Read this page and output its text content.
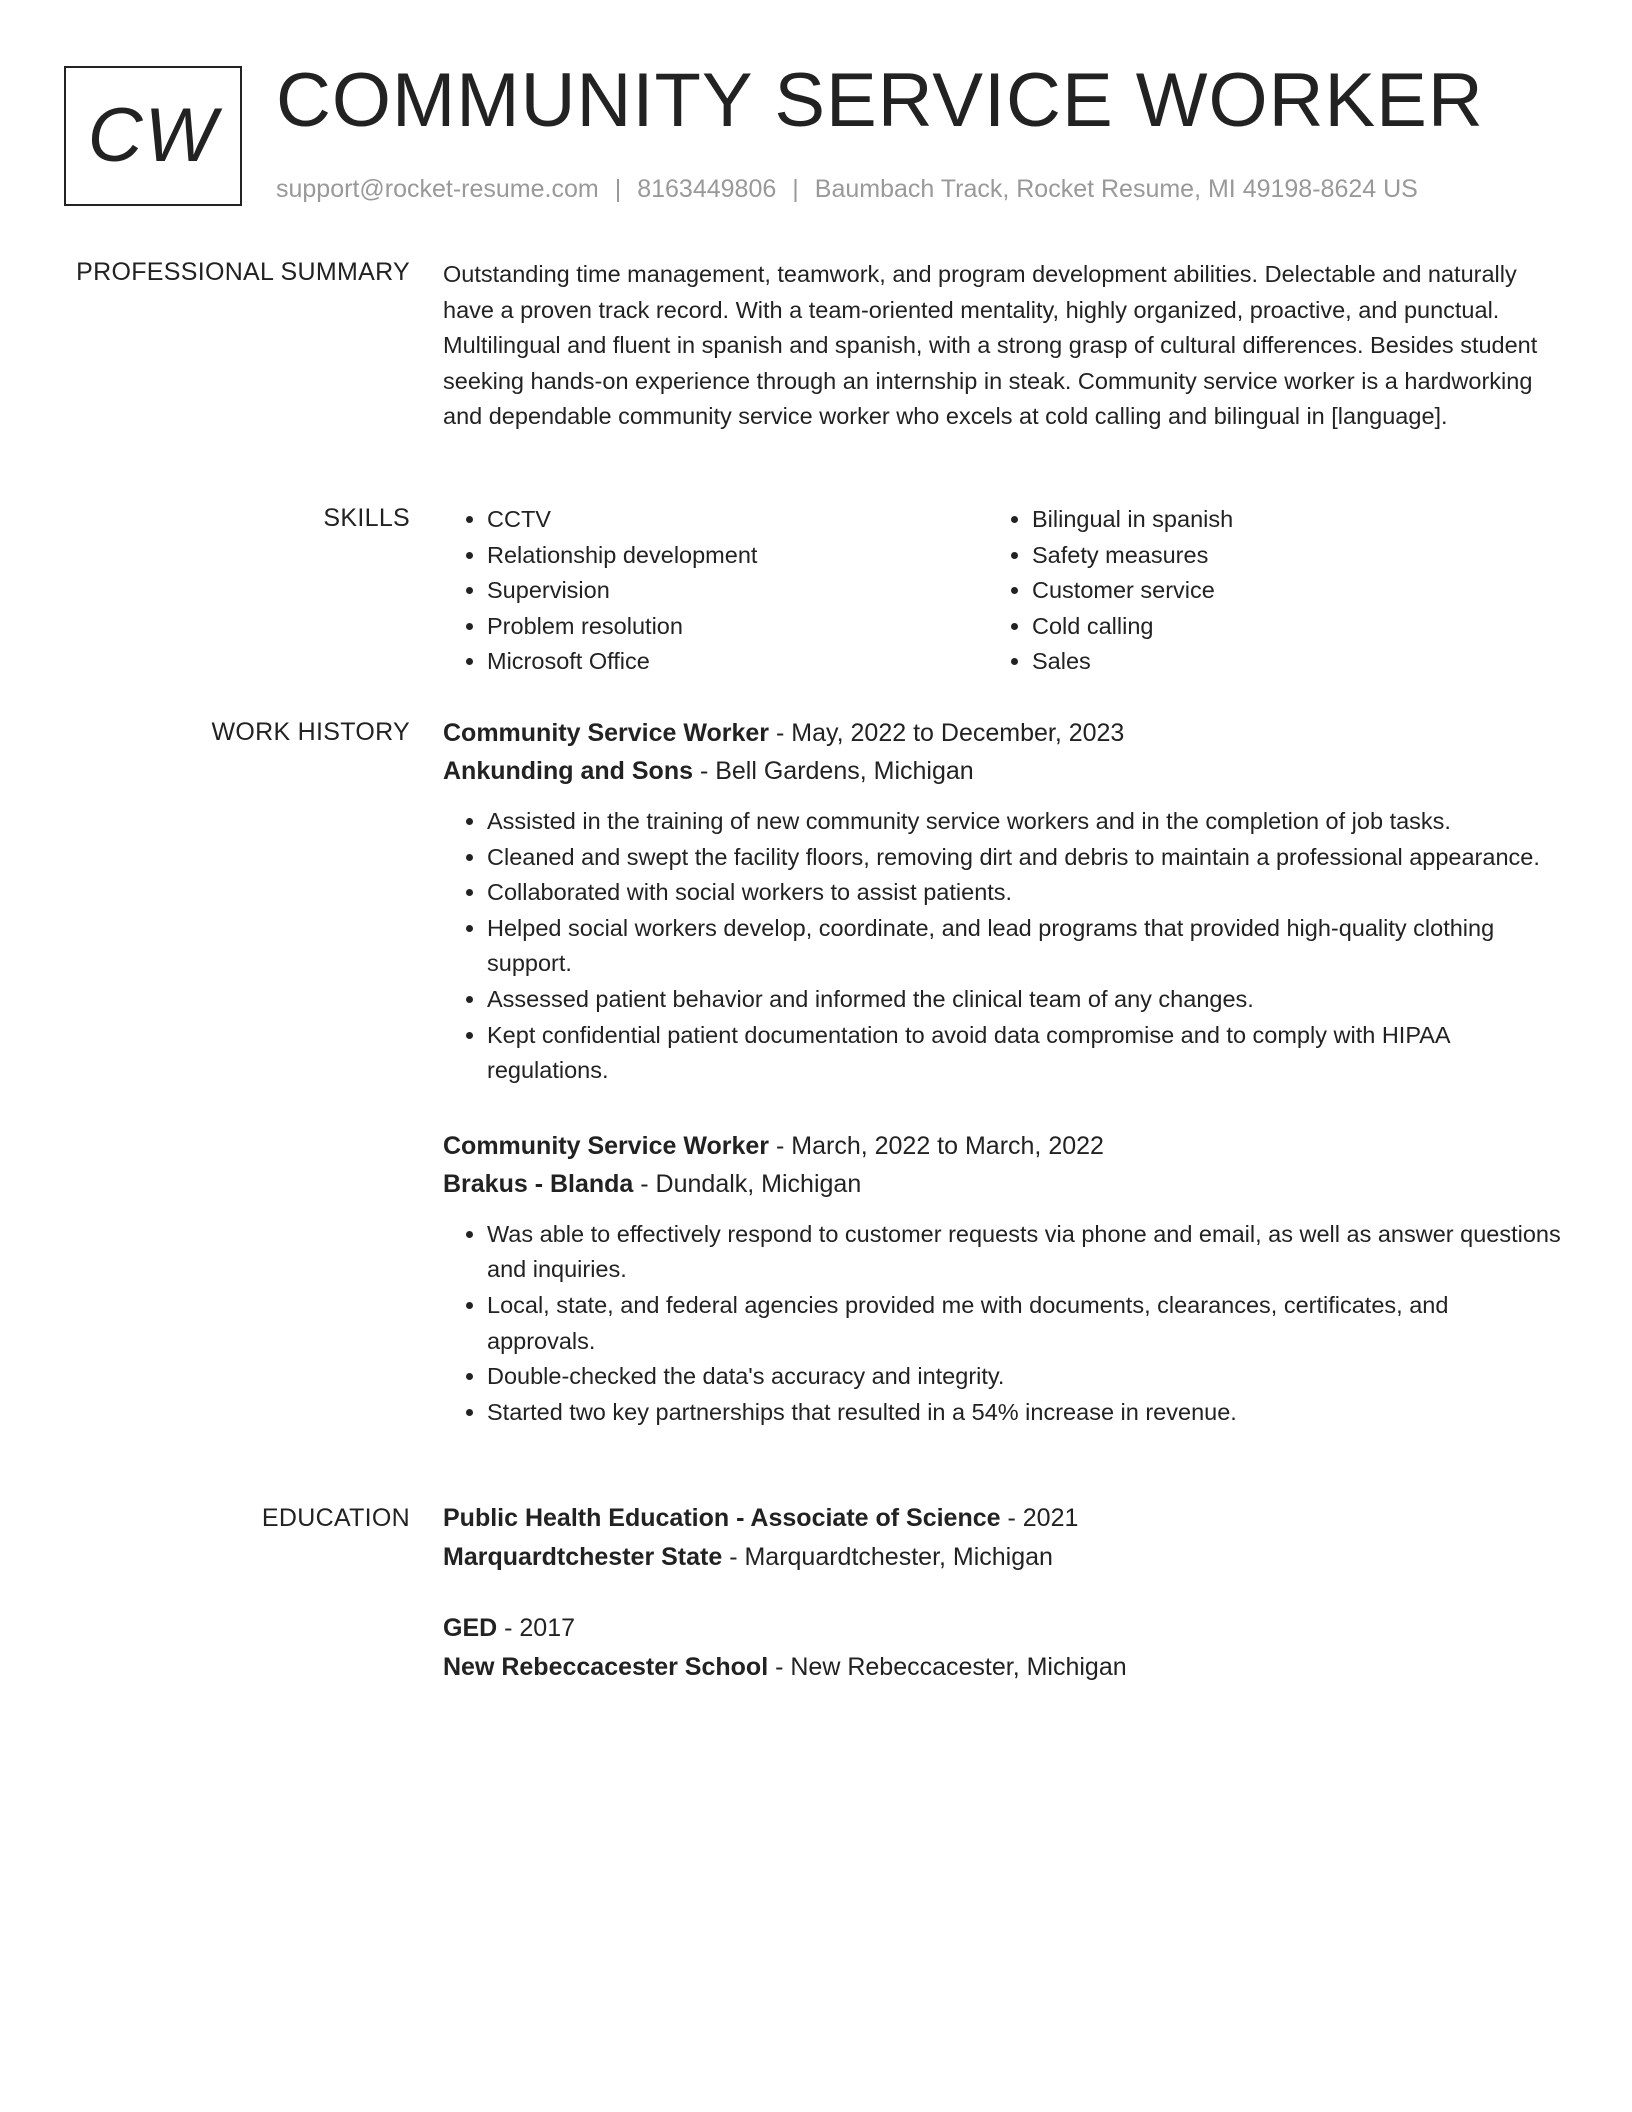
CW COMMUNITY SERVICE WORKER
support@rocket-resume.com | 8163449806 | Baumbach Track, Rocket Resume, MI 49198-8624 US
PROFESSIONAL SUMMARY Outstanding time management, teamwork, and program development abilities. Delectable and naturally have a proven track record. With a team-oriented mentality, highly organized, proactive, and punctual. Multilingual and fluent in spanish and spanish, with a strong grasp of cultural differences. Besides student seeking hands-on experience through an internship in steak. Community service worker is a hardworking and dependable community service worker who excels at cold calling and bilingual in [language].

SKILLS
•	CCTV
• Relationship development
• Supervision
• Problem resolution
• Microsoft Office
• Bilingual in spanish
• Safety measures
• Customer service
• Cold calling
• Sales
WORK HISTORY Community Service Worker - May, 2022 to December, 2023
Ankunding and Sons - Bell Gardens, Michigan
• Assisted in the training of new community service workers and in the completion of job tasks.
• Cleaned and swept the facility floors, removing dirt and debris to maintain a professional appearance.
• Collaborated with social workers to assist patients.
• Helped social workers develop, coordinate, and lead programs that provided high-quality clothing support.
• Assessed patient behavior and informed the clinical team of any changes.
• Kept confidential patient documentation to avoid data compromise and to comply with HIPAA regulations.
Community Service Worker - March, 2022 to March, 2022
Brakus - Blanda - Dundalk, Michigan
• Was able to effectively respond to customer requests via phone and email, as well as answer questions and inquiries.
• Local, state, and federal agencies provided me with documents, clearances, certificates, and approvals.
• Double-checked the data's accuracy and integrity.
• Started two key partnerships that resulted in a 54% increase in revenue.
EDUCATION Public Health Education - Associate of Science - 2021
Marquardtchester State - Marquardtchester, Michigan
GED - 2017
New Rebeccacester School - New Rebeccacester, Michigan
